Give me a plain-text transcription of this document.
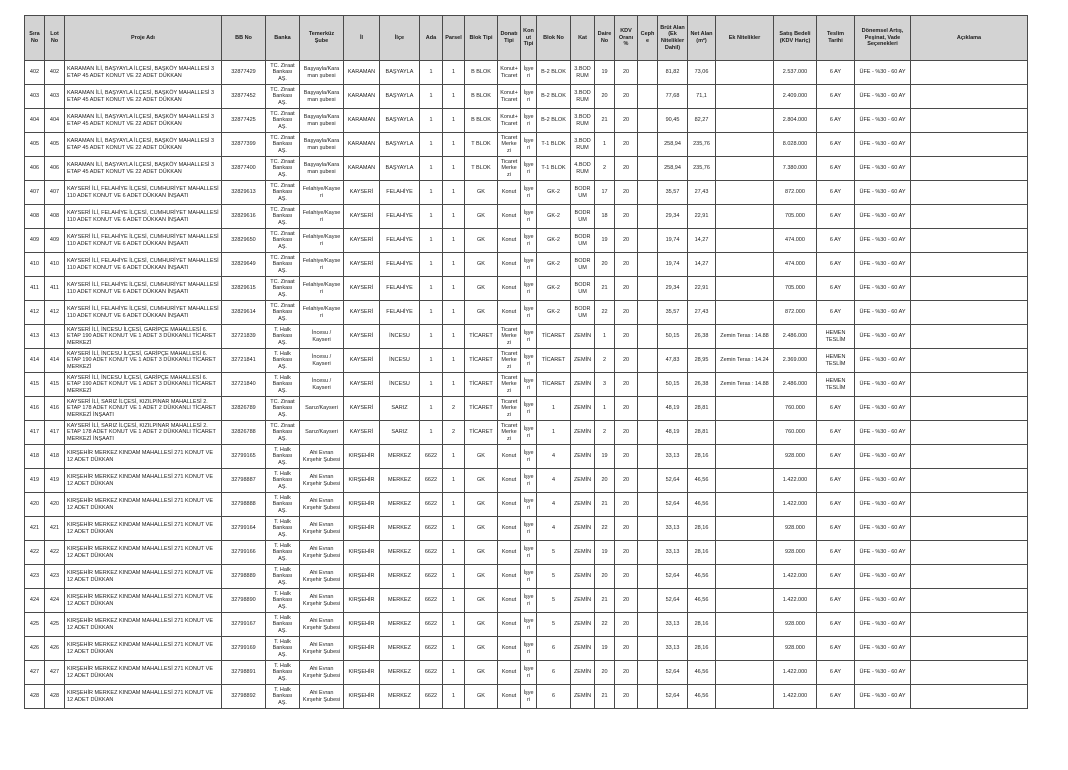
Sıra No	Lot No	Proje Adı	BB No	Banka	Temerküz Şube	İl	İlçe	Ada	Parsel	Blok Tipi	Donatı Tipi	Konut Tipi	Blok No	Kat	Daire No	KDV Oranı %	Cephe	Brüt Alan (Ek Nitelikler Dahil)	Net Alan (m²)	Ek Nitelikler	Satış Bedeli (KDV Hariç)	Teslim Tarihi	Dönemsel Artış, Peşinat, Vade Seçenekleri	Açıklama
402	402	KARAMAN İLİ, BAŞYAYLA İLÇESİ, BAŞKÖY MAHALLESİ 3 ETAP 45 ADET KONUT VE 22 ADET DÜKKAN	32877429	TC. Ziraat Bankası AŞ.	Başyayla/Karaman şubesi	KARAMAN	BAŞYAYLA	1	1	B BLOK	Konut+ Ticaret	İşyeri	B-2 BLOK	3.BODRUM	19	20		81,82	73,06		2.537.000	6 AY	ÜFE - %30 - 60 AY	
403	403	KARAMAN İLİ, BAŞYAYLA İLÇESİ, BAŞKÖY MAHALLESİ 3 ETAP 45 ADET KONUT VE 22 ADET DÜKKAN	32877452	TC. Ziraat Bankası AŞ.	Başyayla/Karaman şubesi	KARAMAN	BAŞYAYLA	1	1	B BLOK	Konut+ Ticaret	İşyeri	B-2 BLOK	3.BODRUM	20	20		77,68	71,1		2.409.000	6 AY	ÜFE - %30 - 60 AY	
404	404	KARAMAN İLİ, BAŞYAYLA İLÇESİ, BAŞKÖY MAHALLESİ 3 ETAP 45 ADET KONUT VE 22 ADET DÜKKAN	32877425	TC. Ziraat Bankası AŞ.	Başyayla/Karaman şubesi	KARAMAN	BAŞYAYLA	1	1	B BLOK	Konut+ Ticaret	İşyeri	B-2 BLOK	3.BODRUM	21	20		90,45	82,27		2.804.000	6 AY	ÜFE - %30 - 60 AY	
405	405	KARAMAN İLİ, BAŞYAYLA İLÇESİ, BAŞKÖY MAHALLESİ 3 ETAP 45 ADET KONUT VE 22 ADET DÜKKAN	32877399	TC. Ziraat Bankası AŞ.	Başyayla/Karaman şubesi	KARAMAN	BAŞYAYLA	1	1	T BLOK	Ticaret Merkezi	İşyeri	T-1 BLOK	3.BODRUM	1	20		258,94	235,76		8.028.000	6 AY	ÜFE - %30 - 60 AY	
406	406	KARAMAN İLİ, BAŞYAYLA İLÇESİ, BAŞKÖY MAHALLESİ 3 ETAP 45 ADET KONUT VE 22 ADET DÜKKAN	32877400	TC. Ziraat Bankası AŞ.	Başyayla/Karaman şubesi	KARAMAN	BAŞYAYLA	1	1	T BLOK	Ticaret Merkezi	İşyeri	T-1 BLOK	4.BODRUM	2	20		258,94	235,76		7.380.000	6 AY	ÜFE - %30 - 60 AY	
407	407	KAYSERİ İLİ, FELAHİYE İLÇESİ, CUMHURİYET MAHALLESİ 110 ADET KONUT VE 6 ADET DÜKKAN İNŞAATI	32829613	TC. Ziraat Bankası AŞ.	Felahiye/Kayseri	KAYSERİ	FELAHİYE	1	1	GK	Konut	İşyeri	GK-2	BODRUM	17	20		35,57	27,43		872.000	6 AY	ÜFE - %30 - 60 AY	
408	408	KAYSERİ İLİ, FELAHİYE İLÇESİ, CUMHURİYET MAHALLESİ 110 ADET KONUT VE 6 ADET DÜKKAN İNŞAATI	32829616	TC. Ziraat Bankası AŞ.	Felahiye/Kayseri	KAYSERİ	FELAHİYE	1	1	GK	Konut	İşyeri	GK-2	BODRUM	18	20		29,34	22,91		705.000	6 AY	ÜFE - %30 - 60 AY	
409	409	KAYSERİ İLİ, FELAHİYE İLÇESİ, CUMHURİYET MAHALLESİ 110 ADET KONUT VE 6 ADET DÜKKAN İNŞAATI	32829650	TC. Ziraat Bankası AŞ.	Felahiye/Kayseri	KAYSERİ	FELAHİYE	1	1	GK	Konut	İşyeri	GK-2	BODRUM	19	20		19,74	14,27		474.000	6 AY	ÜFE - %30 - 60 AY	
410	410	KAYSERİ İLİ, FELAHİYE İLÇESİ, CUMHURİYET MAHALLESİ 110 ADET KONUT VE 6 ADET DÜKKAN İNŞAATI	32829649	TC. Ziraat Bankası AŞ.	Felahiye/Kayseri	KAYSERİ	FELAHİYE	1	1	GK	Konut	İşyeri	GK-2	BODRUM	20	20		19,74	14,27		474.000	6 AY	ÜFE - %30 - 60 AY	
411	411	KAYSERİ İLİ, FELAHİYE İLÇESİ, CUMHURİYET MAHALLESİ 110 ADET KONUT VE 6 ADET DÜKKAN İNŞAATI	32829615	TC. Ziraat Bankası AŞ.	Felahiye/Kayseri	KAYSERİ	FELAHİYE	1	1	GK	Konut	İşyeri	GK-2	BODRUM	21	20		29,34	22,91		705.000	6 AY	ÜFE - %30 - 60 AY	
412	412	KAYSERİ İLİ, FELAHİYE İLÇESİ, CUMHURİYET MAHALLESİ 110 ADET KONUT VE 6 ADET DÜKKAN İNŞAATI	32829614	TC. Ziraat Bankası AŞ.	Felahiye/Kayseri	KAYSERİ	FELAHİYE	1	1	GK	Konut	İşyeri	GK-2	BODRUM	22	20		35,57	27,43		872.000	6 AY	ÜFE - %30 - 60 AY	
413	413	KAYSERİ İLİ, İNCESU İLÇESİ, GARİPÇE MAHALLESİ 6. ETAP 190 ADET KONUT VE 1 ADET 3 DÜKKANLI TİCARET MERKEZİ	32721839	T. Halk Bankası AŞ.	İncesu / Kayseri	KAYSERİ	İNCESU	1	1	TİCARET	Ticaret Merkezi	İşyeri	TİCARET	ZEMİN	1	20		50,15	26,38	Zemin Teras : 14.88	2.486.000	HEMEN TESLİM	ÜFE - %30 - 60 AY	
414	414	KAYSERİ İLİ, İNCESU İLÇESİ, GARİPÇE MAHALLESİ 6. ETAP 190 ADET KONUT VE 1 ADET 3 DÜKKANLI TİCARET MERKEZİ	32721841	T. Halk Bankası AŞ.	İncesu / Kayseri	KAYSERİ	İNCESU	1	1	TİCARET	Ticaret Merkezi	İşyeri	TİCARET	ZEMİN	2	20		47,83	28,95	Zemin Teras : 14.24	2.369.000	HEMEN TESLİM	ÜFE - %30 - 60 AY	
415	415	KAYSERİ İLİ, İNCESU İLÇESİ, GARİPÇE MAHALLESİ 6. ETAP 190 ADET KONUT VE 1 ADET 3 DÜKKANLI TİCARET MERKEZİ	32721840	T. Halk Bankası AŞ.	İncesu / Kayseri	KAYSERİ	İNCESU	1	1	TİCARET	Ticaret Merkezi	İşyeri	TİCARET	ZEMİN	3	20		50,15	26,38	Zemin Teras : 14.88	2.486.000	HEMEN TESLİM	ÜFE - %30 - 60 AY	
416	416	KAYSERİ İLİ, SARIZ İLÇESİ, KIZILPINAR MAHALLESİ 2. ETAP 178 ADET KONUT VE 1 ADET 2 DÜKKANLI TİCARET MERKEZİ İNŞAATI	32826789	TC. Ziraat Bankası AŞ.	Sarız/Kayseri	KAYSERİ	SARIZ	1	2	TİCARET	Ticaret Merkezi	İşyeri	1	ZEMİN	1	20		48,19	28,81		760.000	6 AY	ÜFE - %30 - 60 AY	
417	417	KAYSERİ İLİ, SARIZ İLÇESİ, KIZILPINAR MAHALLESİ 2. ETAP 178 ADET KONUT VE 1 ADET 2 DÜKKANLI TİCARET MERKEZİ İNŞAATI	32826788	TC. Ziraat Bankası AŞ.	Sarız/Kayseri	KAYSERİ	SARIZ	1	2	TİCARET	Ticaret Merkezi	İşyeri	1	ZEMİN	2	20		48,19	28,81		760.000	6 AY	ÜFE - %30 - 60 AY	
418	418	KIRŞEHİR MERKEZ KINDAM MAHALLESİ 271 KONUT VE 12 ADET DÜKKAN	32799165	T. Halk Bankası AŞ.	Ahi Evran Kırşehir Şubesi	KIRŞEHİR	MERKEZ	6622	1	GK	Konut	İşyeri	4	ZEMİN	19	20		33,13	28,16		928.000	6 AY	ÜFE - %30 - 60 AY	
419	419	KIRŞEHİR MERKEZ KINDAM MAHALLESİ 271 KONUT VE 12 ADET DÜKKAN	32798887	T. Halk Bankası AŞ.	Ahi Evran Kırşehir Şubesi	KIRŞEHİR	MERKEZ	6622	1	GK	Konut	İşyeri	4	ZEMİN	20	20		52,64	46,56		1.422.000	6 AY	ÜFE - %30 - 60 AY	
420	420	KIRŞEHİR MERKEZ KINDAM MAHALLESİ 271 KONUT VE 12 ADET DÜKKAN	32798888	T. Halk Bankası AŞ.	Ahi Evran Kırşehir Şubesi	KIRŞEHİR	MERKEZ	6622	1	GK	Konut	İşyeri	4	ZEMİN	21	20		52,64	46,56		1.422.000	6 AY	ÜFE - %30 - 60 AY	
421	421	KIRŞEHİR MERKEZ KINDAM MAHALLESİ 271 KONUT VE 12 ADET DÜKKAN	32799164	T. Halk Bankası AŞ.	Ahi Evran Kırşehir Şubesi	KIRŞEHİR	MERKEZ	6622	1	GK	Konut	İşyeri	4	ZEMİN	22	20		33,13	28,16		928.000	6 AY	ÜFE - %30 - 60 AY	
422	422	KIRŞEHİR MERKEZ KINDAM MAHALLESİ 271 KONUT VE 12 ADET DÜKKAN	32799166	T. Halk Bankası AŞ.	Ahi Evran Kırşehir Şubesi	KIRŞEHİR	MERKEZ	6622	1	GK	Konut	İşyeri	5	ZEMİN	19	20		33,13	28,16		928.000	6 AY	ÜFE - %30 - 60 AY	
423	423	KIRŞEHİR MERKEZ KINDAM MAHALLESİ 271 KONUT VE 12 ADET DÜKKAN	32798889	T. Halk Bankası AŞ.	Ahi Evran Kırşehir Şubesi	KIRŞEHİR	MERKEZ	6622	1	GK	Konut	İşyeri	5	ZEMİN	20	20		52,64	46,56		1.422.000	6 AY	ÜFE - %30 - 60 AY	
424	424	KIRŞEHİR MERKEZ KINDAM MAHALLESİ 271 KONUT VE 12 ADET DÜKKAN	32798890	T. Halk Bankası AŞ.	Ahi Evran Kırşehir Şubesi	KIRŞEHİR	MERKEZ	6622	1	GK	Konut	İşyeri	5	ZEMİN	21	20		52,64	46,56		1.422.000	6 AY	ÜFE - %30 - 60 AY	
425	425	KIRŞEHİR MERKEZ KINDAM MAHALLESİ 271 KONUT VE 12 ADET DÜKKAN	32799167	T. Halk Bankası AŞ.	Ahi Evran Kırşehir Şubesi	KIRŞEHİR	MERKEZ	6622	1	GK	Konut	İşyeri	5	ZEMİN	22	20		33,13	28,16		928.000	6 AY	ÜFE - %30 - 60 AY	
426	426	KIRŞEHİR MERKEZ KINDAM MAHALLESİ 271 KONUT VE 12 ADET DÜKKAN	32799169	T. Halk Bankası AŞ.	Ahi Evran Kırşehir Şubesi	KIRŞEHİR	MERKEZ	6622	1	GK	Konut	İşyeri	6	ZEMİN	19	20		33,13	28,16		928.000	6 AY	ÜFE - %30 - 60 AY	
427	427	KIRŞEHİR MERKEZ KINDAM MAHALLESİ 271 KONUT VE 12 ADET DÜKKAN	32798891	T. Halk Bankası AŞ.	Ahi Evran Kırşehir Şubesi	KIRŞEHİR	MERKEZ	6622	1	GK	Konut	İşyeri	6	ZEMİN	20	20		52,64	46,56		1.422.000	6 AY	ÜFE - %30 - 60 AY	
428	428	KIRŞEHİR MERKEZ KINDAM MAHALLESİ 271 KONUT VE 12 ADET DÜKKAN	32798892	T. Halk Bankası AŞ.	Ahi Evran Kırşehir Şubesi	KIRŞEHİR	MERKEZ	6622	1	GK	Konut	İşyeri	6	ZEMİN	21	20		52,64	46,56		1.422.000	6 AY	ÜFE - %30 - 60 AY	
